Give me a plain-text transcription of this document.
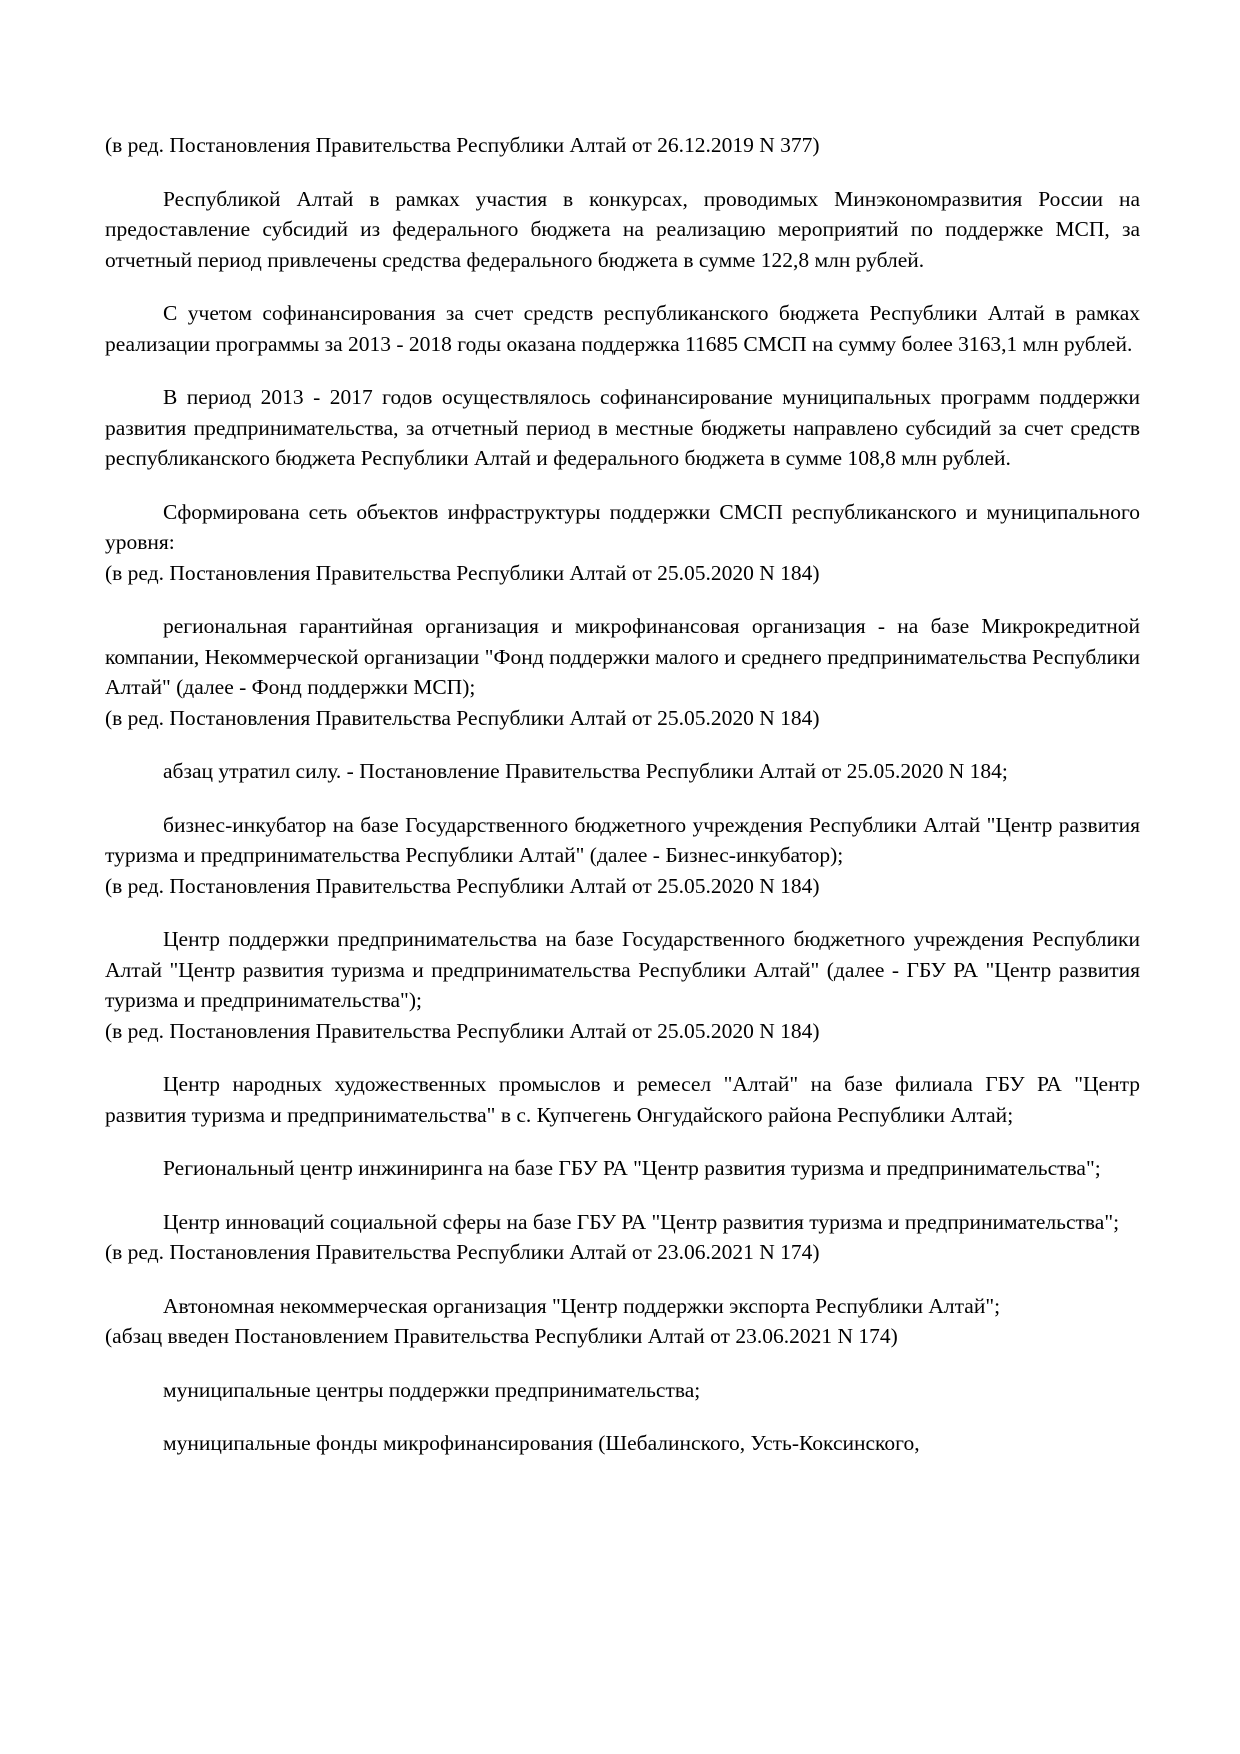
(в ред. Постановления Правительства Республики Алтай от 26.12.2019 N 377)

Республикой Алтай в рамках участия в конкурсах, проводимых Минэкономразвития России на предоставление субсидий из федерального бюджета на реализацию мероприятий по поддержке МСП, за отчетный период привлечены средства федерального бюджета в сумме 122,8 млн рублей.

С учетом софинансирования за счет средств республиканского бюджета Республики Алтай в рамках реализации программы за 2013 - 2018 годы оказана поддержка 11685 СМСП на сумму более 3163,1 млн рублей.

В период 2013 - 2017 годов осуществлялось софинансирование муниципальных программ поддержки развития предпринимательства, за отчетный период в местные бюджеты направлено субсидий за счет средств республиканского бюджета Республики Алтай и федерального бюджета в сумме 108,8 млн рублей.

Сформирована сеть объектов инфраструктуры поддержки СМСП республиканского и муниципального уровня:

(в ред. Постановления Правительства Республики Алтай от 25.05.2020 N 184)

региональная гарантийная организация и микрофинансовая организация - на базе Микрокредитной компании, Некоммерческой организации "Фонд поддержки малого и среднего предпринимательства Республики Алтай" (далее - Фонд поддержки МСП);

(в ред. Постановления Правительства Республики Алтай от 25.05.2020 N 184)

абзац утратил силу. - Постановление Правительства Республики Алтай от 25.05.2020 N 184;

бизнес-инкубатор на базе Государственного бюджетного учреждения Республики Алтай "Центр развития туризма и предпринимательства Республики Алтай" (далее - Бизнес-инкубатор);

(в ред. Постановления Правительства Республики Алтай от 25.05.2020 N 184)

Центр поддержки предпринимательства на базе Государственного бюджетного учреждения Республики Алтай "Центр развития туризма и предпринимательства Республики Алтай" (далее - ГБУ РА "Центр развития туризма и предпринимательства");

(в ред. Постановления Правительства Республики Алтай от 25.05.2020 N 184)

Центр народных художественных промыслов и ремесел "Алтай" на базе филиала ГБУ РА "Центр развития туризма и предпринимательства" в с. Купчегень Онгудайского района Республики Алтай;

Региональный центр инжиниринга на базе ГБУ РА "Центр развития туризма и предпринимательства";

Центр инноваций социальной сферы на базе ГБУ РА "Центр развития туризма и предпринимательства";

(в ред. Постановления Правительства Республики Алтай от 23.06.2021 N 174)

Автономная некоммерческая организация "Центр поддержки экспорта Республики Алтай";

(абзац введен Постановлением Правительства Республики Алтай от 23.06.2021 N 174)

муниципальные центры поддержки предпринимательства;

муниципальные фонды микрофинансирования (Шебалинского, Усть-Коксинского,
